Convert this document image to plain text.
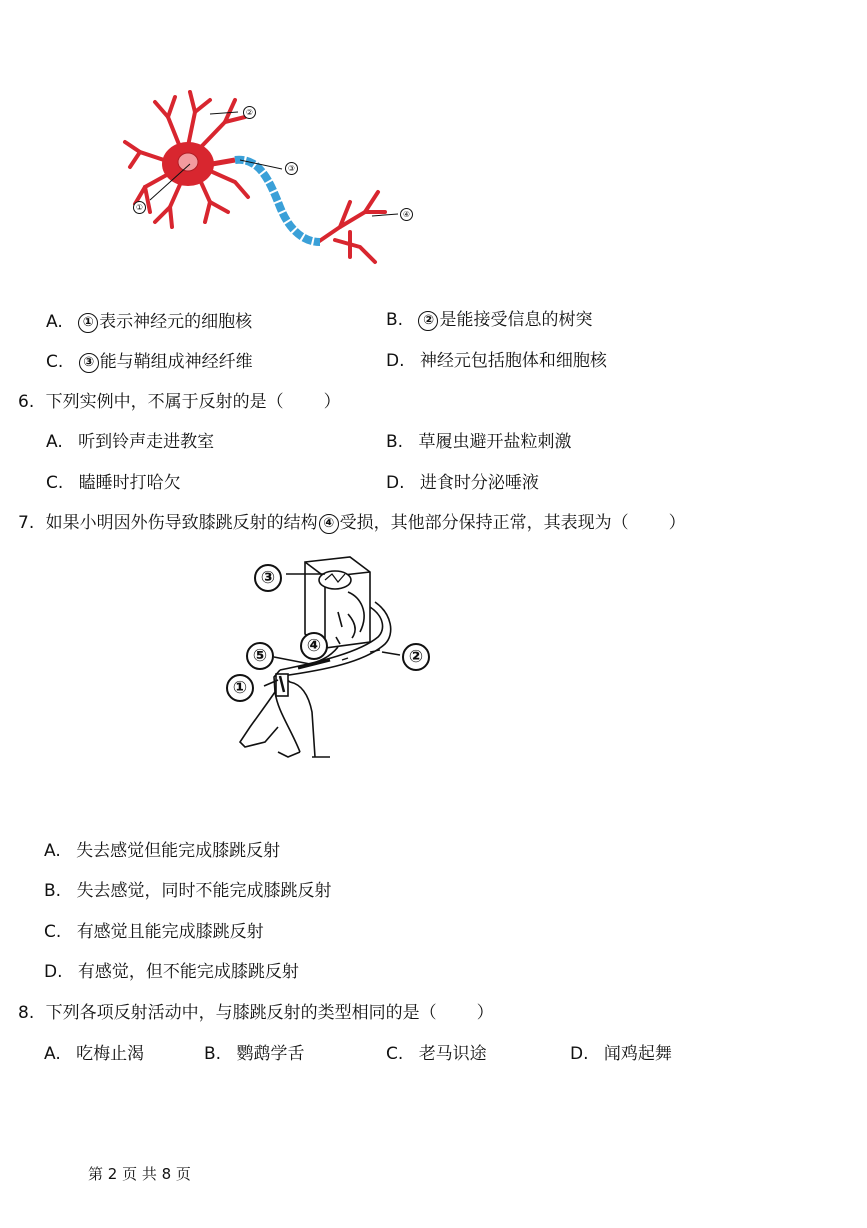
①
②
③
④
A. ① 表示神经元的细胞核	B. ② 是能接受信息的树突
C. ③ 能与鞘组成神经纤维	D. 神经元包括胞体和细胞核
6. 下列实例中，不属于反射的是（ ）
A. 听到铃声走进教室	B. 草履虫避开盐粒刺激
C. 瞌睡时打哈欠	D. 进食时分泌唾液
7. 如果小明因外伤导致膝跳反射的结构 ④ 受损，其他部分保持正常，其表现为（ ）
③
④
⑤	②
①
A. 失去感觉但能完成膝跳反射
B. 失去感觉，同时不能完成膝跳反射
C. 有感觉且能完成膝跳反射
D. 有感觉，但不能完成膝跳反射
8. 下列各项反射活动中，与膝跳反射的类型相同的是（ ）
A. 吃梅止渴	B. 鹦鹉学舌	C. 老马识途	D. 闻鸡起舞
第 2 页 共 8 页
